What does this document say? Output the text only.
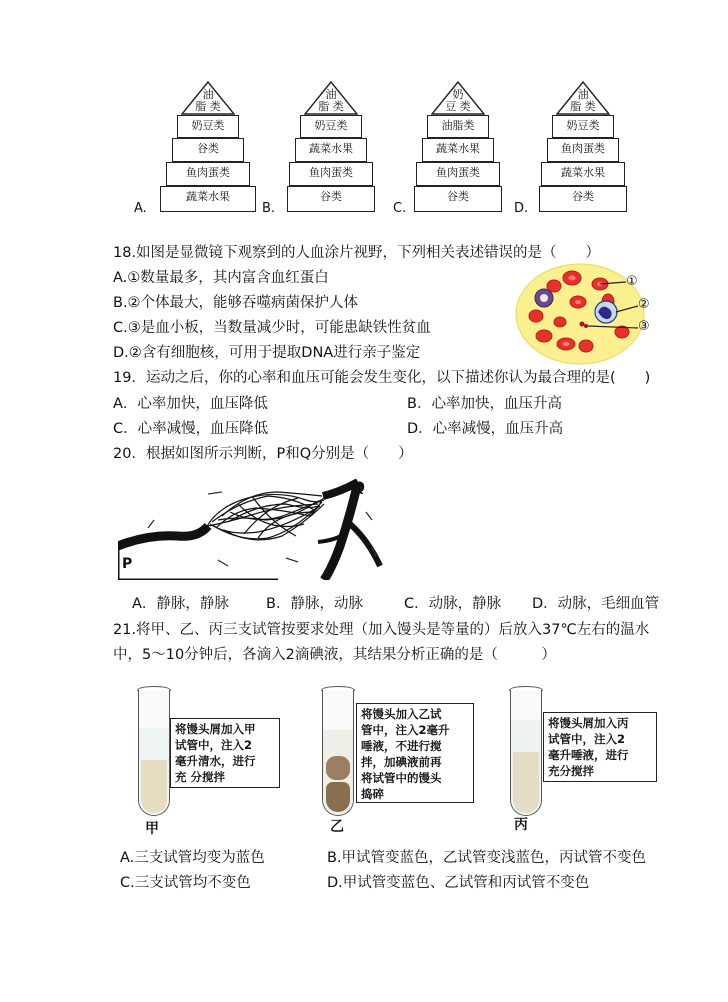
油
脂 类
奶豆类
谷类
鱼肉蛋类
蔬菜水果
A.
油
脂 类
奶豆类
蔬菜水果
鱼肉蛋类
谷类
B.
奶
豆 类
油脂类
蔬菜水果
鱼肉蛋类
谷类
C.
油
脂 类
奶豆类
鱼肉蛋类
蔬菜水果
谷类
D.
18.如图是显微镜下观察到的人血涂片视野，下列相关表述错误的是（　　）
A.①数量最多，其内富含血红蛋白
B.②个体最大，能够吞噬病菌保护人体
C.③是血小板，当数量减少时，可能患缺铁性贫血
D.②含有细胞核，可用于提取DNA进行亲子鉴定
①
②
③
19．运动之后，你的心率和血压可能会发生变化，以下描述你认为最合理的是(　　)
A．心率加快，血压降低	B．心率加快，血压升高
C．心率减慢，血压降低	D．心率减慢，血压升高
20．根据如图所示判断，P和Q分别是（　　）
P
Q
A．静脉，静脉	B．静脉，动脉	C．动脉，静脉 D．动脉，毛细血管
21.将甲、乙、丙三支试管按要求处理（加入馒头是等量的）后放入37℃左右的温水
中，5～10分钟后，各滴入2滴碘液，其结果分析正确的是（　　　）
将馒头屑加入甲
试管中，注入2
毫升清水，进行
充 分搅拌
甲
将馒头加入乙试
管中，注入2毫升
唾液，不进行搅
拌，加碘液前再
将试管中的馒头
捣碎
乙
将馒头屑加入丙
试管中，注入2
毫升唾液，进行
充分搅拌
丙
A.三支试管均变为蓝色	B.甲试管变蓝色，乙试管变浅蓝色，丙试管不变色
C.三支试管均不变色	D.甲试管变蓝色、乙试管和丙试管不变色
